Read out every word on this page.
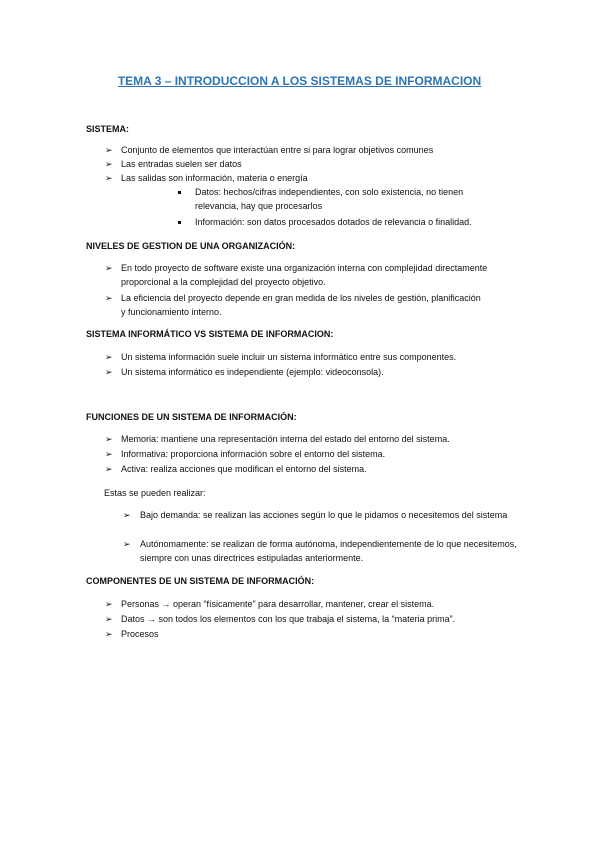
TEMA 3 – INTRODUCCION A LOS SISTEMAS DE INFORMACION
SISTEMA:
➢ Conjunto de elementos que interactúan entre si para lograr objetivos comunes
➢ Las entradas suelen ser datos
➢ Las salidas son información, materia o energía
Datos: hechos/cifras independientes, con solo existencia, no tienen relevancia, hay que procesarlos
Información: son datos procesados dotados de relevancia o finalidad.
NIVELES DE GESTION DE UNA ORGANIZACIÓN:
➢ En todo proyecto de software existe una organización interna con complejidad directamente proporcional a la complejidad del proyecto objetivo.
➢ La eficiencia del proyecto depende en gran medida de los niveles de gestión, planificación y funcionamiento interno.
SISTEMA INFORMÁTICO VS SISTEMA DE INFORMACION:
➢ Un sistema información suele incluir un sistema informático entre sus componentes.
➢ Un sistema informático es independiente (ejemplo: videoconsola).
FUNCIONES DE UN SISTEMA DE INFORMACIÓN:
➢ Memoria: mantiene una representación interna del estado del entorno del sistema.
➢ Informativa: proporciona información sobre el entorno del sistema.
➢ Activa: realiza acciones que modifican el entorno del sistema.
Estas se pueden realizar:
➢ Bajo demanda: se realizan las acciones según lo que le pidamos o necesitemos del sistema
➢ Autónomamente: se realizan de forma autónoma, independientemente de lo que necesitemos, siempre con unas directrices estipuladas anteriormente.
COMPONENTES DE UN SISTEMA DE INFORMACIÓN:
➢ Personas → operan “físicamente” para desarrollar, mantener, crear el sistema.
➢ Datos → son todos los elementos con los que trabaja el sistema, la “materia prima”.
➢ Procesos
